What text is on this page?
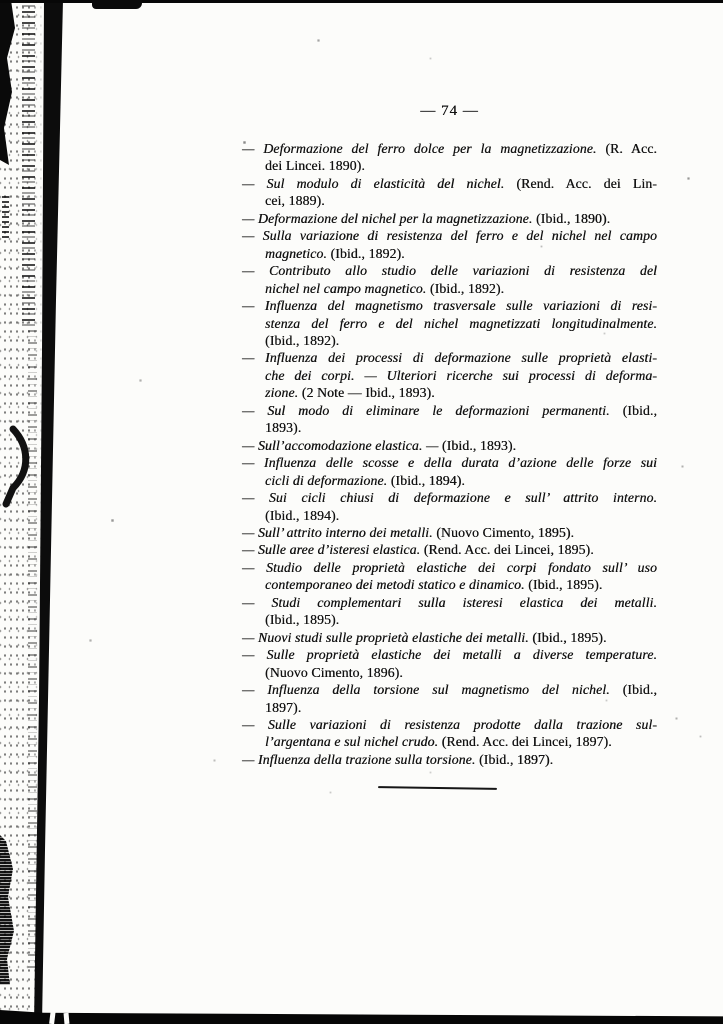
— 74 —
— Deformazione del ferro dolce per la magnetizzazione. (R. Acc.
dei Lincei. 1890).
— Sul modulo di elasticità del nichel. (Rend. Acc. dei Lin-
cei, 1889).
— Deformazione del nichel per la magnetizzazione. (Ibid., 1890).
— Sulla variazione di resistenza del ferro e del nichel nel campo
magnetico. (Ibid., 1892).
— Contributo allo studio delle variazioni di resistenza del
nichel nel campo magnetico. (Ibid., 1892).
— Influenza del magnetismo trasversale sulle variazioni di resi-
stenza del ferro e del nichel magnetizzati longitudinalmente.
(Ibid., 1892).
— Influenza dei processi di deformazione sulle proprietà elasti-
che dei corpi. — Ulteriori ricerche sui processi di deforma-
zione. (2 Note — Ibid., 1893).
— Sul modo di eliminare le deformazioni permanenti. (Ibid.,
1893).
— Sull’accomodazione elastica. — (Ibid., 1893).
— Influenza delle scosse e della durata d’azione delle forze sui
cicli di deformazione. (Ibid., 1894).
— Sui cicli chiusi di deformazione e sull’ attrito interno.
(Ibid., 1894).
— Sull’ attrito interno dei metalli. (Nuovo Cimento, 1895).
— Sulle aree d’isteresi elastica. (Rend. Acc. dei Lincei, 1895).
— Studio delle proprietà elastiche dei corpi fondato sull’ uso
contemporaneo dei metodi statico e dinamico. (Ibid., 1895).
— Studi complementari sulla isteresi elastica dei metalli.
(Ibid., 1895).
— Nuovi studi sulle proprietà elastiche dei metalli. (Ibid., 1895).
— Sulle proprietà elastiche dei metalli a diverse temperature.
(Nuovo Cimento, 1896).
— Influenza della torsione sul magnetismo del nichel. (Ibid.,
1897).
— Sulle variazioni di resistenza prodotte dalla trazione sul-
l’argentana e sul nichel crudo. (Rend. Acc. dei Lincei, 1897).
— Influenza della trazione sulla torsione. (Ibid., 1897).
